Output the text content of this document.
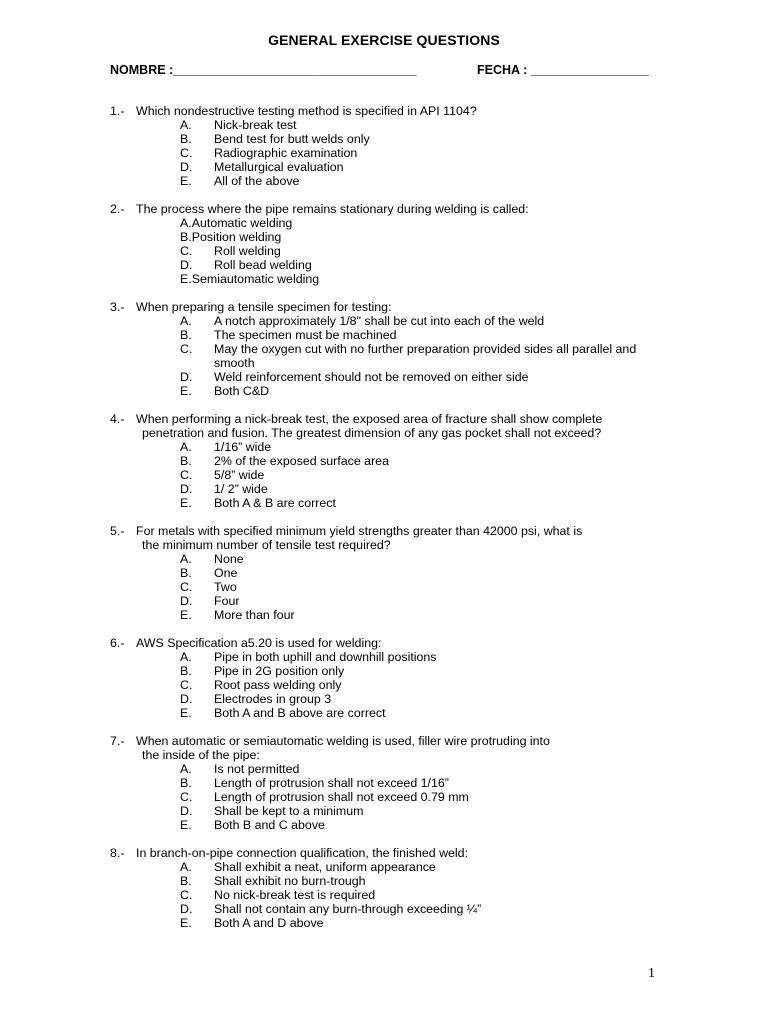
GENERAL EXERCISE QUESTIONS
NOMBRE :___________________________________	FECHA : _________________
1.- Which nondestructive testing method is specified in API 1104?
A.	Nick-break test
B.	Bend test for butt welds only
C.	Radiographic examination
D.	Metallurgical evaluation
E.	All of the above
2.- The process where the pipe remains stationary during welding is called:
A. Automatic welding
B. Position welding
C.	Roll welding
D.	Roll bead welding
E. Semiautomatic welding
3.- When preparing a tensile specimen for testing:
A.	A notch approximately 1/8" shall be cut into each of the weld
B.	The specimen must be machined
C.	May the oxygen cut with no further preparation provided sides all parallel and smooth
D.	Weld reinforcement should not be removed on either side
E.	Both C&D
4.- When performing a nick-break test, the exposed area of fracture shall show complete
penetration and fusion. The greatest dimension of any gas pocket shall not exceed?
A.	1/16” wide
B.	2% of the exposed surface area
C.	5/8” wide
D.	1/ 2” wide
E.	Both A & B are correct
5.- For metals with specified minimum yield strengths greater than 42000 psi, what is
the minimum number of tensile test required?
A.	None
B.	One
C.	Two
D.	Four
E.	More than four
6.- AWS Specification a5.20 is used for welding:
A.	Pipe in both uphill and downhill positions
B.	Pipe in 2G position only
C.	Root pass welding only
D.	Electrodes in group 3
E.	Both A and B above are correct
7.- When automatic or semiautomatic welding is used, filler wire protruding into
the inside of the pipe:
A.	Is not permitted
B.	Length of protrusion shall not exceed 1/16”
C.	Length of protrusion shall not exceed 0.79 mm
D.	Shall be kept to a minimum
E.	Both B and C above
8.- In branch-on-pipe connection qualification, the finished weld:
A.	Shall exhibit a neat, uniform appearance
B.	Shall exhibit no burn-trough
C.	No nick-break test is required
D.	Shall not contain any burn-through exceeding ¼”
E.	Both A and D above
1
